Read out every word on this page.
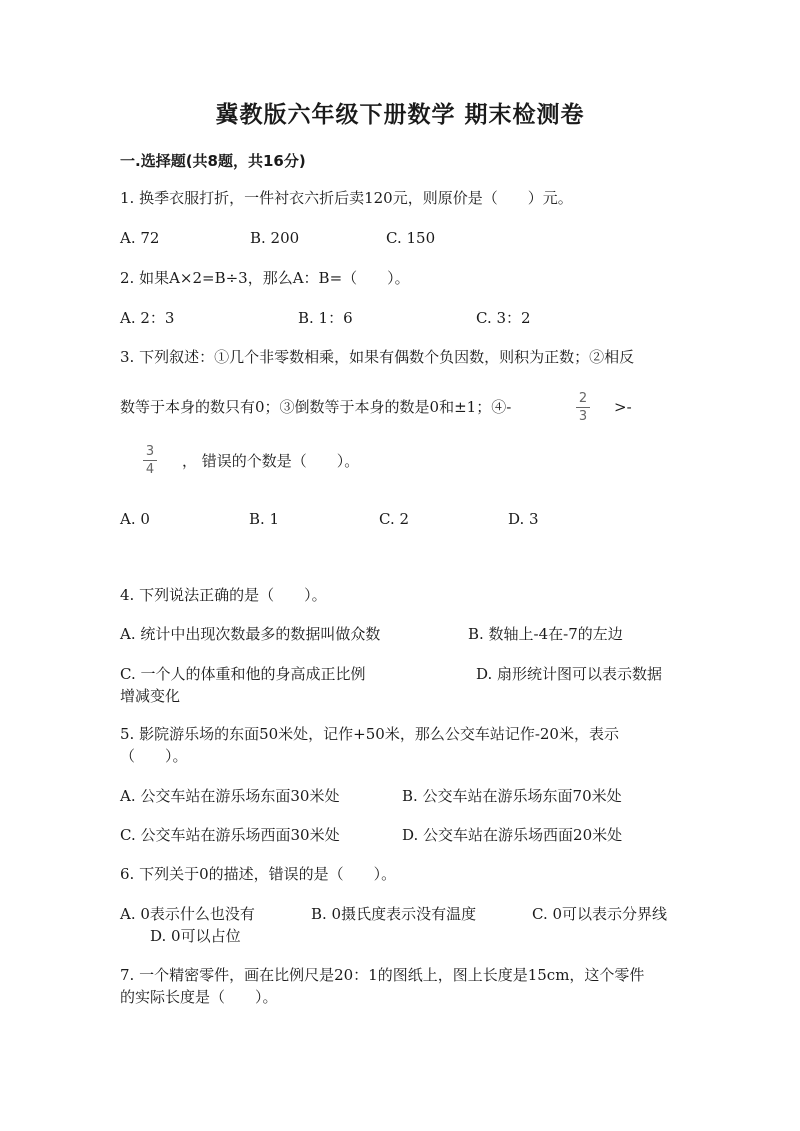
冀教版六年级下册数学 期末检测卷
一.选择题(共8题，共16分)
1. 换季衣服打折，一件衬衣六折后卖120元，则原价是（　　）元。
A. 72	B. 200	C. 150
2. 如果A×2=B÷3，那么A：B=（　　）。
A. 2：3	B. 1：6	C. 3：2
3. 下列叙述：①几个非零数相乘，如果有偶数个负因数，则积为正数；②相反
数等于本身的数只有0；③倒数等于本身的数是0和±1；④-	2
3
>-
3
4 ， 错误的个数是（　　）。
A. 0	B. 1	C. 2	D. 3
4. 下列说法正确的是（　　）。
A. 统计中出现次数最多的数据叫做众数	B. 数轴上-4在-7的左边
C. 一个人的体重和他的身高成正比例	D. 扇形统计图可以表示数据
增减变化
5. 影院游乐场的东面50米处，记作+50米，那么公交车站记作-20米，表示
（　　）。
A. 公交车站在游乐场东面30米处	B. 公交车站在游乐场东面70米处
C. 公交车站在游乐场西面30米处	D. 公交车站在游乐场西面20米处
6. 下列关于0的描述，错误的是（　　）。
A. 0表示什么也没有	B. 0摄氏度表示没有温度	C. 0可以表示分界线
D. 0可以占位
7. 一个精密零件，画在比例尺是20：1的图纸上，图上长度是15cm，这个零件
的实际长度是（　　）。
